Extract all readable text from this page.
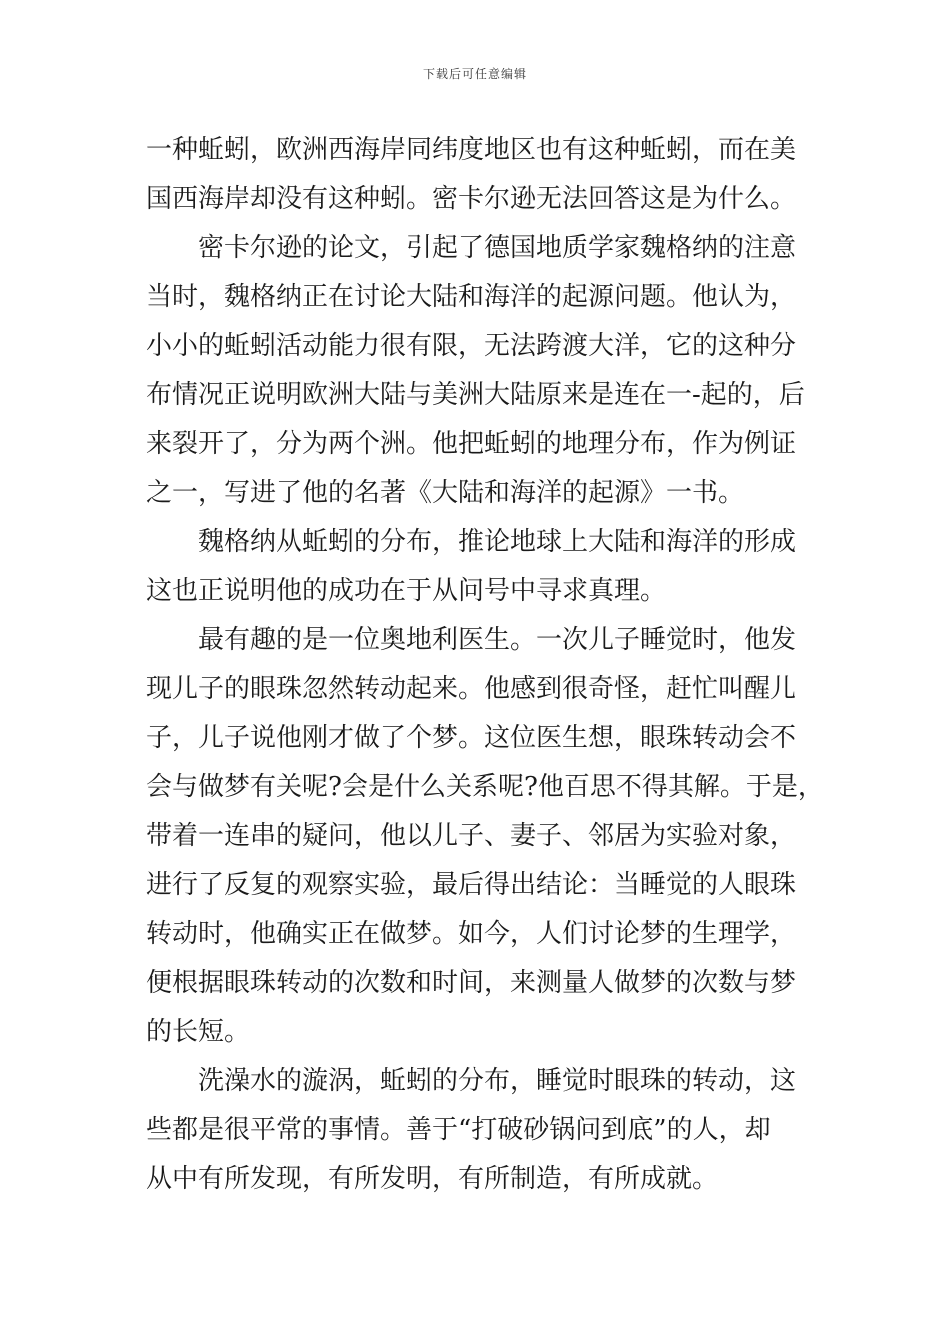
下载后可任意编辑
一种蚯蚓，欧洲西海岸同纬度地区也有这种蚯蚓，而在美
国西海岸却没有这种蚓。密卡尔逊无法回答这是为什么。
密卡尔逊的论文，引起了德国地质学家魏格纳的注意
当时，魏格纳正在讨论大陆和海洋的起源问题。他认为，
小小的蚯蚓活动能力很有限，无法跨渡大洋，它的这种分
布情况正说明欧洲大陆与美洲大陆原来是连在一-起的，后
来裂开了，分为两个洲。他把蚯蚓的地理分布，作为例证
之一，写进了他的名著《大陆和海洋的起源》一书。
魏格纳从蚯蚓的分布，推论地球上大陆和海洋的形成
这也正说明他的成功在于从问号中寻求真理。
最有趣的是一位奥地利医生。一次儿子睡觉时，他发
现儿子的眼珠忽然转动起来。他感到很奇怪，赶忙叫醒儿
子，儿子说他刚才做了个梦。这位医生想，眼珠转动会不
会与做梦有关呢?会是什么关系呢?他百思不得其解。于是，
带着一连串的疑问，他以儿子、妻子、邻居为实验对象，
进行了反复的观察实验，最后得出结论：当睡觉的人眼珠
转动时，他确实正在做梦。如今，人们讨论梦的生理学，
便根据眼珠转动的次数和时间，来测量人做梦的次数与梦
的长短。
洗澡水的漩涡，蚯蚓的分布，睡觉时眼珠的转动，这
些都是很平常的事情。善于“打破砂锅问到底”的人，却
从中有所发现，有所发明，有所制造，有所成就。
